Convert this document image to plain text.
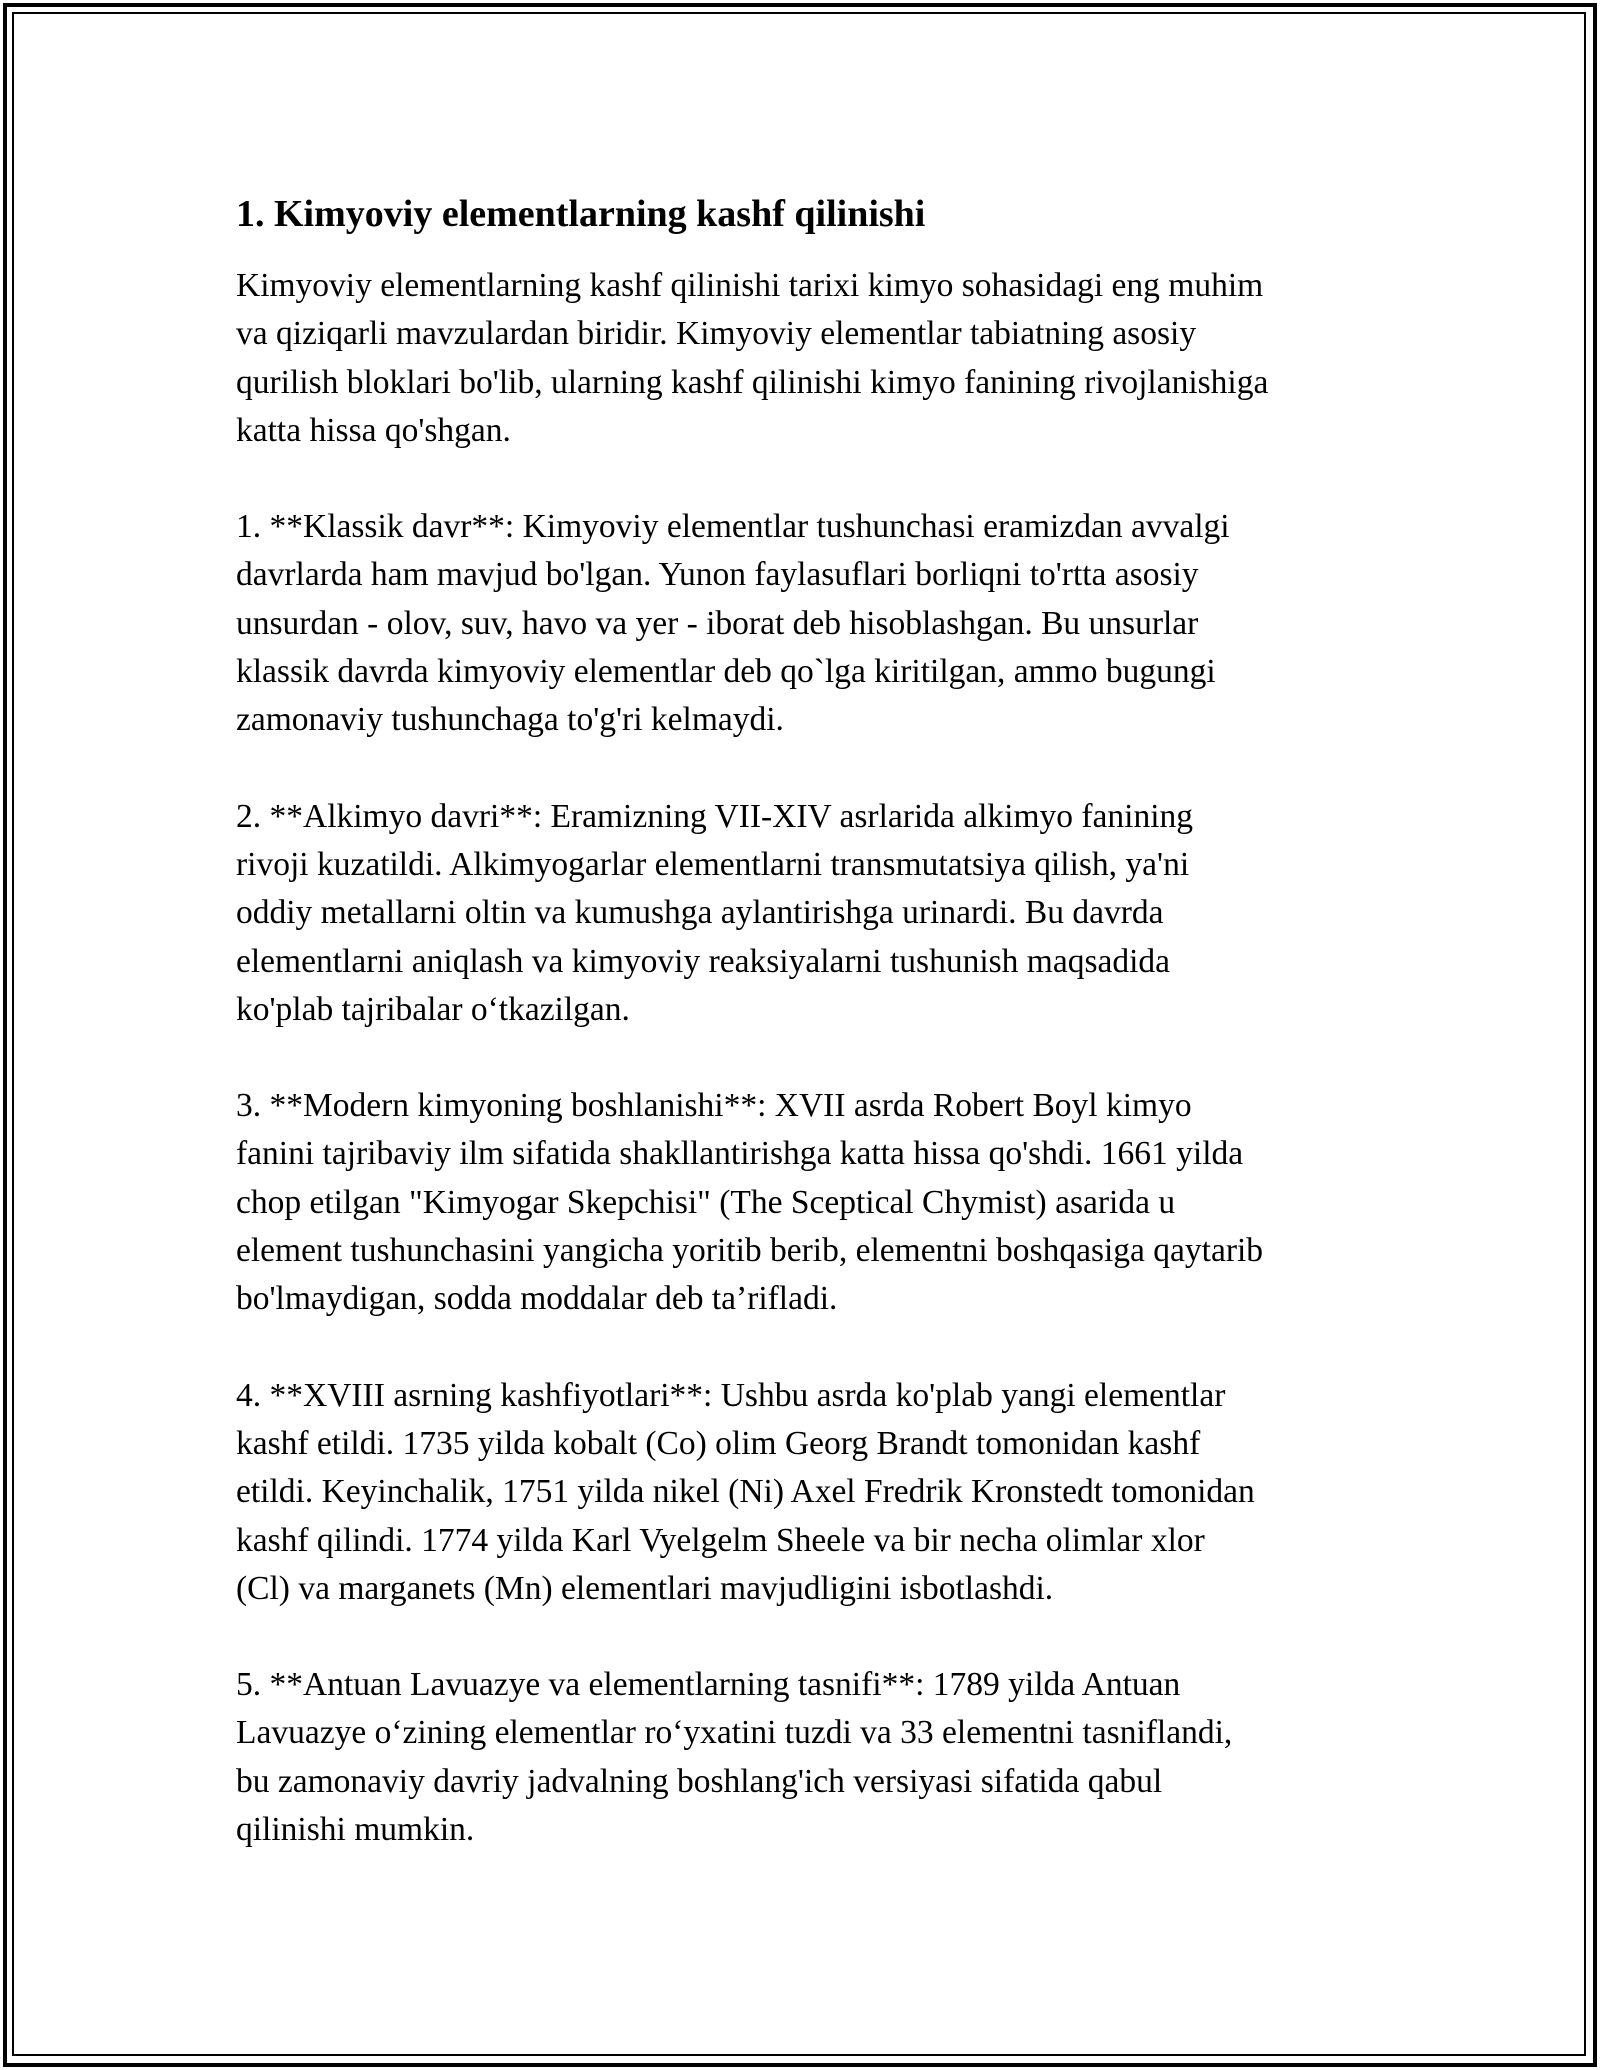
1. Kimyoviy elementlarning kashf qilinishi

Kimyoviy elementlarning kashf qilinishi tarixi kimyo sohasidagi eng muhim
va qiziqarli mavzulardan biridir. Kimyoviy elementlar tabiatning asosiy
qurilish bloklari bo'lib, ularning kashf qilinishi kimyo fanining rivojlanishiga
katta hissa qo'shgan.

1. **Klassik davr**: Kimyoviy elementlar tushunchasi eramizdan avvalgi
davrlarda ham mavjud bo'lgan. Yunon faylasuflari borliqni to'rtta asosiy
unsurdan - olov, suv, havo va yer - iborat deb hisoblashgan. Bu unsurlar
klassik davrda kimyoviy elementlar deb qo`lga kiritilgan, ammo bugungi
zamonaviy tushunchaga to'g'ri kelmaydi.

2. **Alkimyo davri**: Eramizning VII-XIV asrlarida alkimyo fanining
rivoji kuzatildi. Alkimyogarlar elementlarni transmutatsiya qilish, ya'ni
oddiy metallarni oltin va kumushga aylantirishga urinardi. Bu davrda
elementlarni aniqlash va kimyoviy reaksiyalarni tushunish maqsadida
ko'plab tajribalar o‘tkazilgan.

3. **Modern kimyoning boshlanishi**: XVII asrda Robert Boyl kimyo
fanini tajribaviy ilm sifatida shakllantirishga katta hissa qo'shdi. 1661 yilda
chop etilgan "Kimyogar Skepchisi" (The Sceptical Chymist) asarida u
element tushunchasini yangicha yoritib berib, elementni boshqasiga qaytarib
bo'lmaydigan, sodda moddalar deb ta’rifladi.

4. **XVIII asrning kashfiyotlari**: Ushbu asrda ko'plab yangi elementlar
kashf etildi. 1735 yilda kobalt (Co) olim Georg Brandt tomonidan kashf
etildi. Keyinchalik, 1751 yilda nikel (Ni) Axel Fredrik Kronstedt tomonidan
kashf qilindi. 1774 yilda Karl Vyelgelm Sheele va bir necha olimlar xlor
(Cl) va marganets (Mn) elementlari mavjudligini isbotlashdi.

5. **Antuan Lavuazye va elementlarning tasnifi**: 1789 yilda Antuan
Lavuazye o‘zining elementlar ro‘yxatini tuzdi va 33 elementni tasniflandi,
bu zamonaviy davriy jadvalning boshlang'ich versiyasi sifatida qabul
qilinishi mumkin.
